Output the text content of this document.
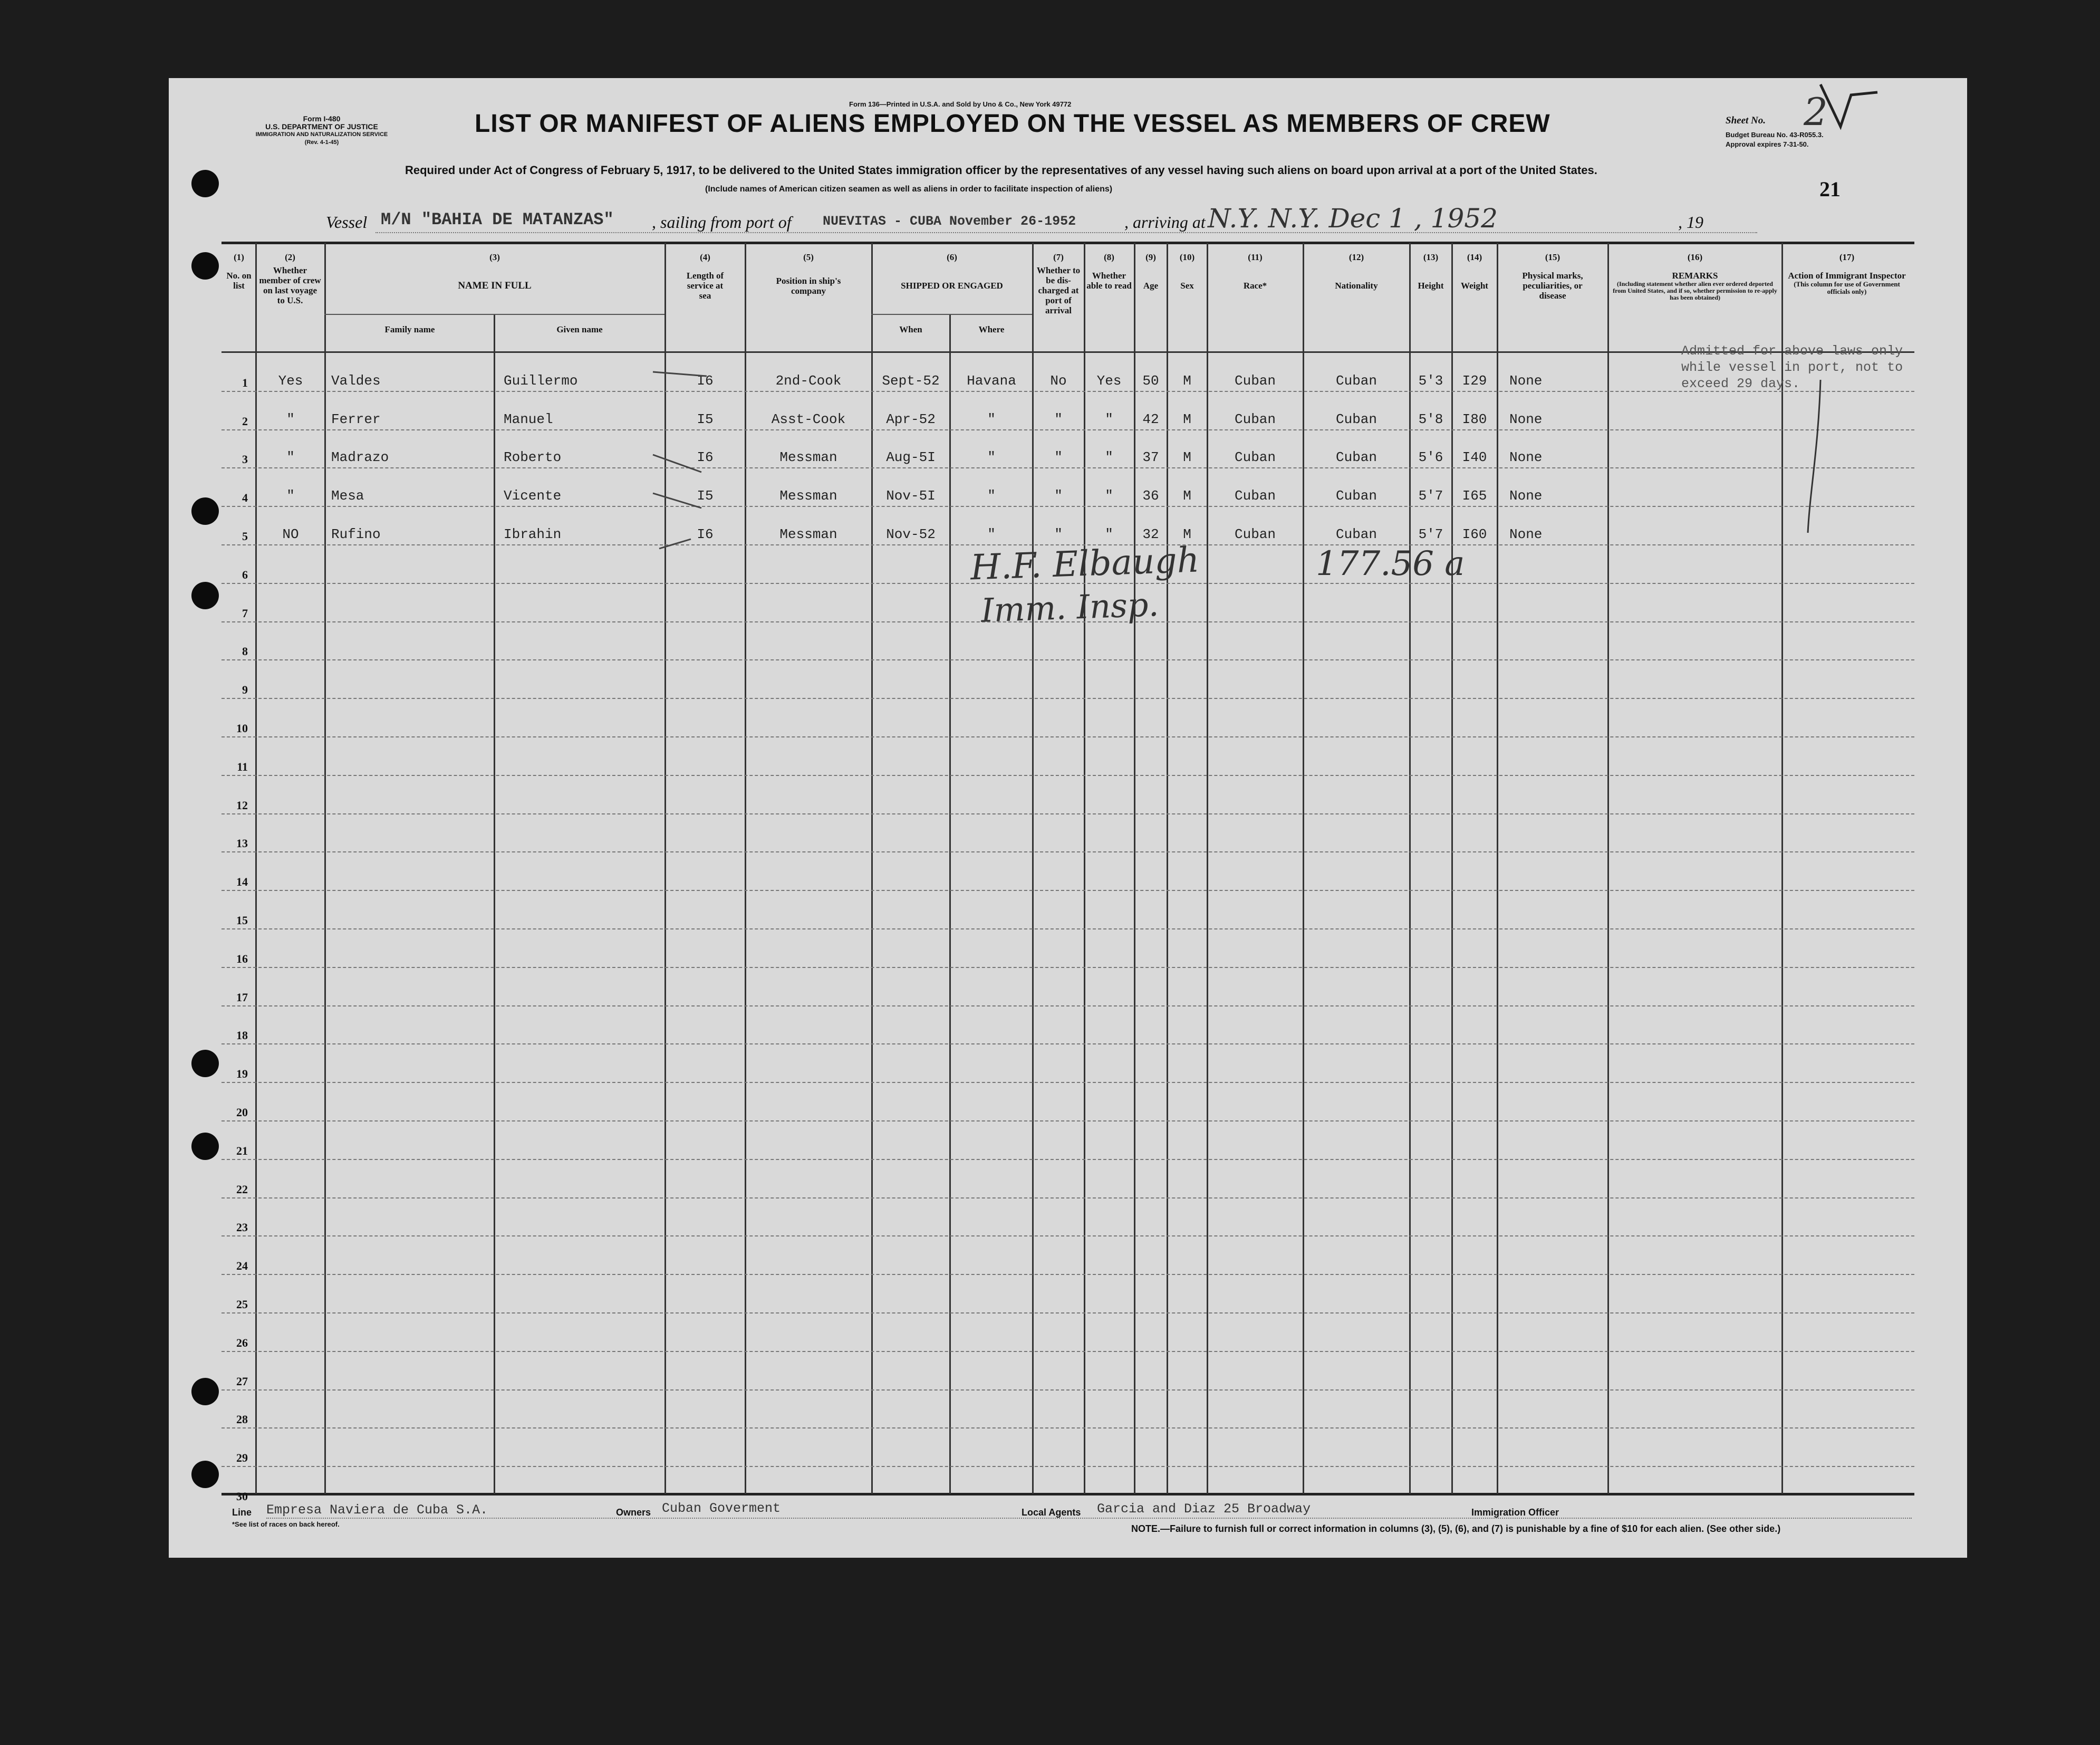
Form I-480
U.S. DEPARTMENT OF JUSTICE
IMMIGRATION AND NATURALIZATION SERVICE
(Rev. 4-1-45)
Form 136—Printed in U.S.A. and Sold by Uno & Co., New York 49772
LIST OR MANIFEST OF ALIENS EMPLOYED ON THE VESSEL AS MEMBERS OF CREW	Sheet No. 2
Budget Bureau No. 43-R055.3.
Approval expires 7-31-50.
21
Required under Act of Congress of February 5, 1917, to be delivered to the United States immigration officer by the representatives of any vessel having such aliens on board upon arrival at a port of the United States.
(Include names of American citizen seamen as well as aliens in order to facilitate inspection of aliens)
Vessel M/N "BAHIA DE MATANZAS" , sailing from port of NUEVITAS - CUBA November 26-1952	, arriving at N.Y. N.Y. Dec 1 , 1952	, 19
(1)
No. on list
(2)
Whether member of crew on last voyage to U.S.
(3)
NAME IN FULL
Family name	Given name
(4)
Length of service at sea
(5)
Position in ship's company
(6)
SHIPPED OR ENGAGED
When	Where
(7)
Whether to be dis-charged at port of arrival
(8)
Whether able to read
(9)
Age
(10)
Sex
(11)
Race*
(12)
Nationality
(13)
Height
(14)
Weight
(15)
Physical marks, peculiarities, or disease
(16)
REMARKS
(Including statement whether alien ever ordered deported from United States, and if so, whether permission to re-apply has been obtained)
(17)
Action of Immigrant Inspector
(This column for use of Government officials only)
6
7
8
9
10
11
12
13
14
15
16
17
18
19
20
21
22
23
24
25
26
27
28
29
30
1	Yes	Valdes	Guillermo	I6	2nd-Cook	Sept-52	Havana	No	Yes	50	M	Cuban	Cuban	5'3	I29	None
2	"	Ferrer	Manuel	I5	Asst-Cook	Apr-52	"	"	"	42	M	Cuban	Cuban	5'8	I80	None
3	"	Madrazo	Roberto	I6	Messman	Aug-5I	"	"	"	37	M	Cuban	Cuban	5'6	I40	None
4	"	Mesa	Vicente	I5	Messman	Nov-5I	"	"	"	36	M	Cuban	Cuban	5'7	I65	None
5	NO	Rufino	Ibrahin	I6	Messman	Nov-52	"	"	"	32	M	Cuban	Cuban	5'7	I60	None
Admitted for above laws only
while vessel in port, not to
exceed 29 days.
H.F. Elbaugh
Imm. Insp.
177.56 a
Line Empresa Naviera de Cuba S.A.	Owners Cuban Goverment	Local Agents Garcia and Diaz 25 Broadway	Immigration Officer
*See list of races on back hereof.	NOTE.—Failure to furnish full or correct information in columns (3), (5), (6), and (7) is punishable by a fine of $10 for each alien. (See other side.)
